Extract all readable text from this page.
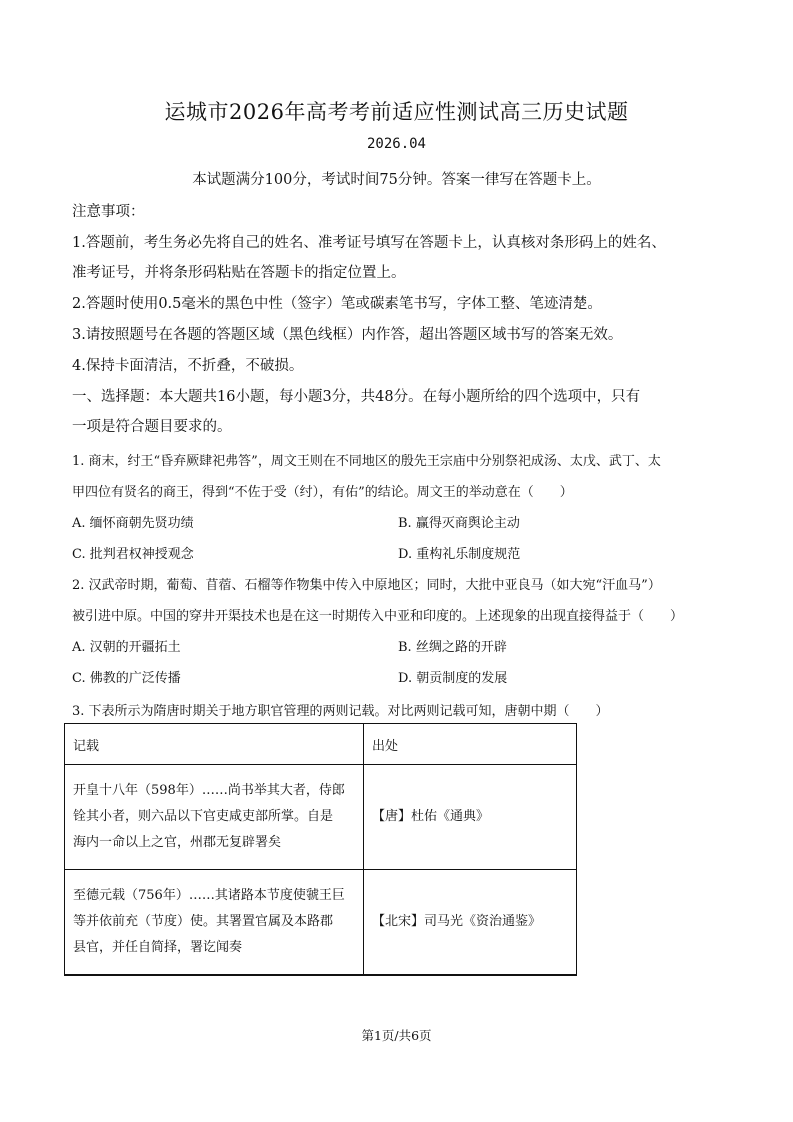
运城市2026年高考考前适应性测试高三历史试题
2026.04
本试题满分100分，考试时间75分钟。答案一律写在答题卡上。
注意事项：
1.答题前，考生务必先将自己的姓名、准考证号填写在答题卡上，认真核对条形码上的姓名、
准考证号，并将条形码粘贴在答题卡的指定位置上。
2.答题时使用0.5毫米的黑色中性（签字）笔或碳素笔书写，字体工整、笔迹清楚。
3.请按照题号在各题的答题区域（黑色线框）内作答，超出答题区域书写的答案无效。
4.保持卡面清洁，不折叠，不破损。
一、选择题：本大题共16小题，每小题3分，共48分。在每小题所给的四个选项中，只有
一项是符合题目要求的。
1. 商末，纣王“昏弃厥肆祀弗答”，周文王则在不同地区的殷先王宗庙中分别祭祀成汤、太戊、武丁、太
甲四位有贤名的商王，得到“不佐于受（纣），有佑”的结论。周文王的举动意在（　　）
A. 缅怀商朝先贤功绩	B. 赢得灭商舆论主动
C. 批判君权神授观念	D. 重构礼乐制度规范
2. 汉武帝时期，葡萄、苜蓿、石榴等作物集中传入中原地区；同时，大批中亚良马（如大宛“汗血马”）
被引进中原。中国的穿井开渠技术也是在这一时期传入中亚和印度的。上述现象的出现直接得益于（　　）
A. 汉朝的开疆拓土	B. 丝绸之路的开辟
C. 佛教的广泛传播	D. 朝贡制度的发展
3. 下表所示为隋唐时期关于地方职官管理的两则记载。对比两则记载可知，唐朝中期（　　）
记载	出处

开皇十八年（598年）……尚书举其大者，侍郎
铨其小者，则六品以下官吏咸吏部所掌。自是
海内一命以上之官，州郡无复辟署矣	【唐】杜佑《通典》

至德元载（756年）……其诸路本节度使虢王巨
等并依前充（节度）使。其署置官属及本路郡
县官，并任自简择，署讫闻奏	【北宋】司马光《资治通鉴》
第1页/共6页
